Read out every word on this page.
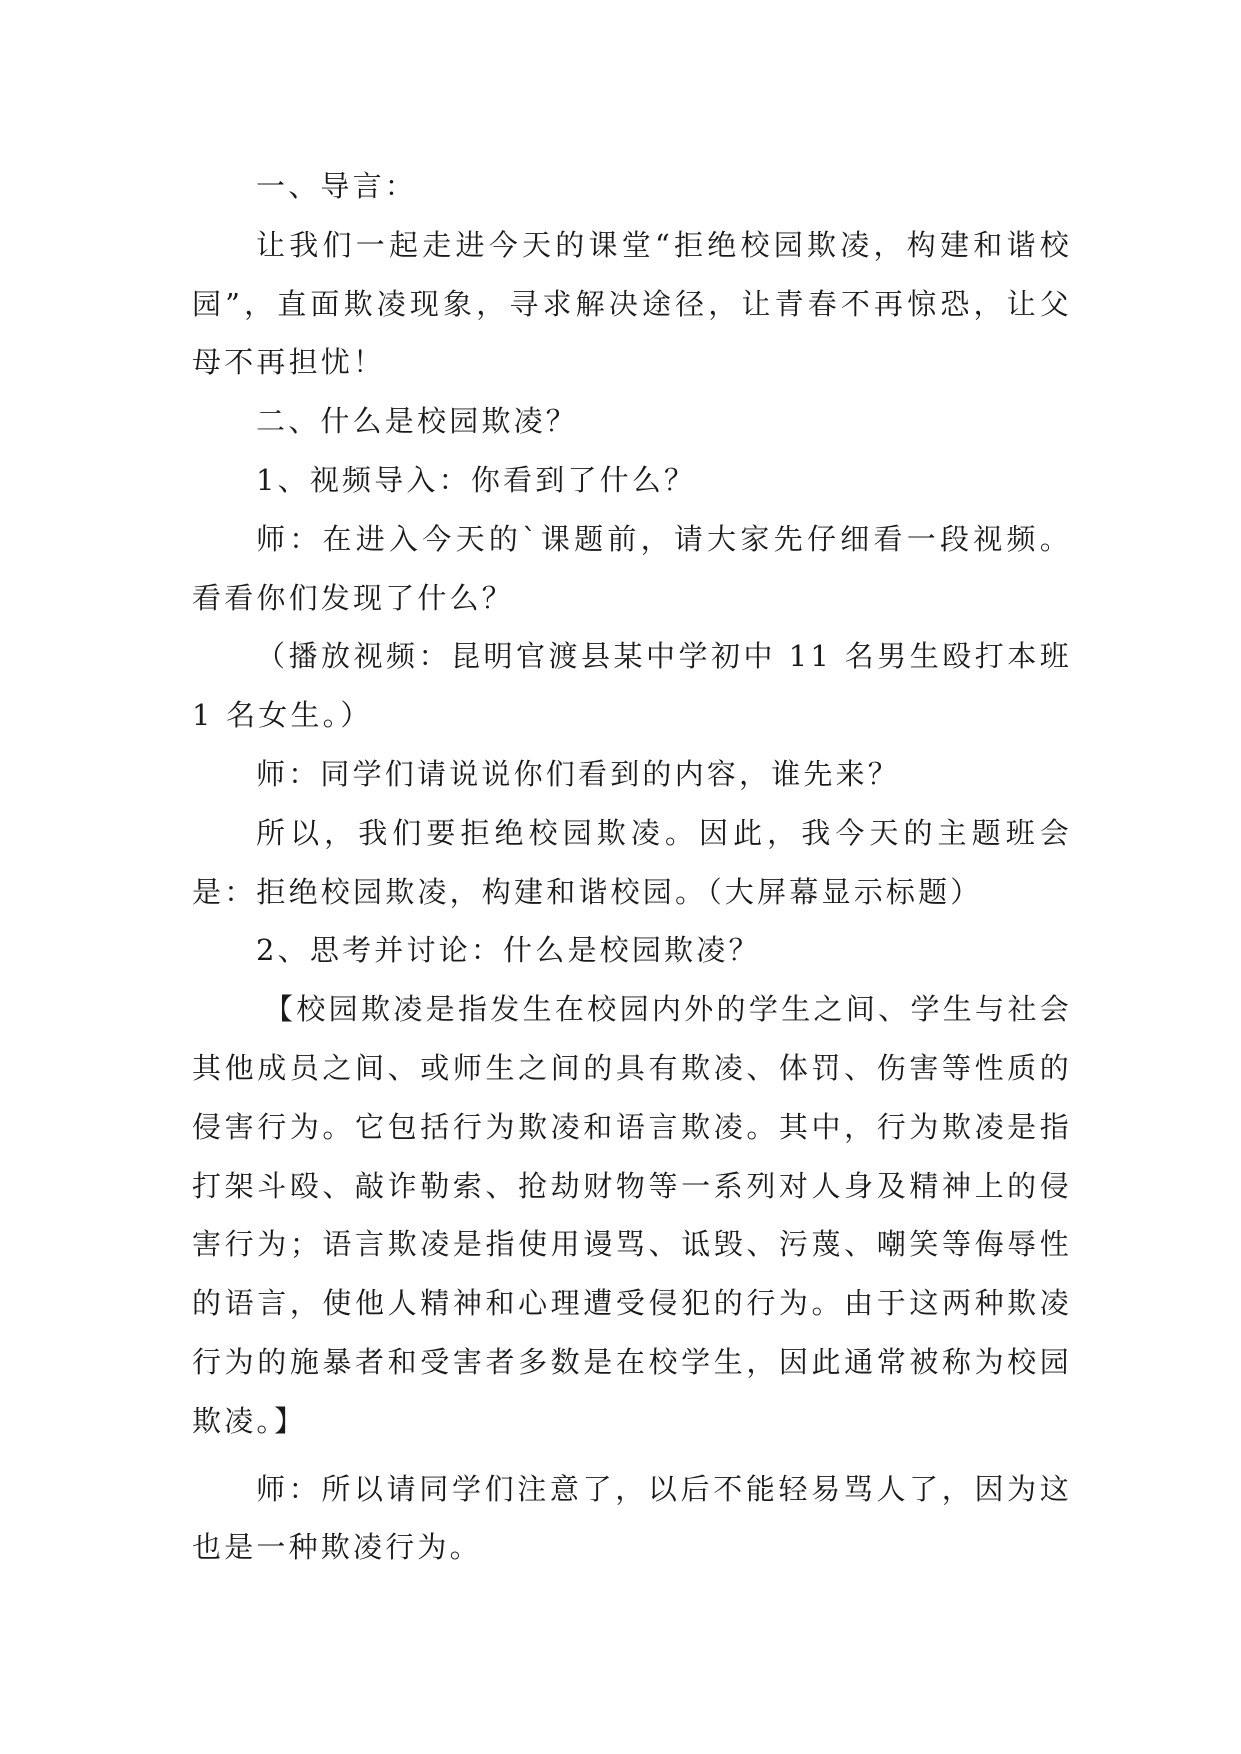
一、导言：

让我们一起走进今天的课堂“拒绝校园欺凌，构建和谐校园”，直面欺凌现象，寻求解决途径，让青春不再惊恐，让父母不再担忧！

二、什么是校园欺凌？

1、视频导入：你看到了什么？

师：在进入今天的`课题前，请大家先仔细看一段视频。看看你们发现了什么？

（播放视频：昆明官渡县某中学初中 11 名男生殴打本班 1 名女生。）

师：同学们请说说你们看到的内容，谁先来？

所以，我们要拒绝校园欺凌。因此，我今天的主题班会是：拒绝校园欺凌，构建和谐校园。（大屏幕显示标题）

2、思考并讨论：什么是校园欺凌？

【校园欺凌是指发生在校园内外的学生之间、学生与社会其他成员之间、或师生之间的具有欺凌、体罚、伤害等性质的侵害行为。它包括行为欺凌和语言欺凌。其中，行为欺凌是指打架斗殴、敲诈勒索、抢劫财物等一系列对人身及精神上的侵害行为；语言欺凌是指使用谩骂、诋毁、污蔑、嘲笑等侮辱性的语言，使他人精神和心理遭受侵犯的行为。由于这两种欺凌行为的施暴者和受害者多数是在校学生，因此通常被称为校园欺凌。】

师：所以请同学们注意了，以后不能轻易骂人了，因为这也是一种欺凌行为。
